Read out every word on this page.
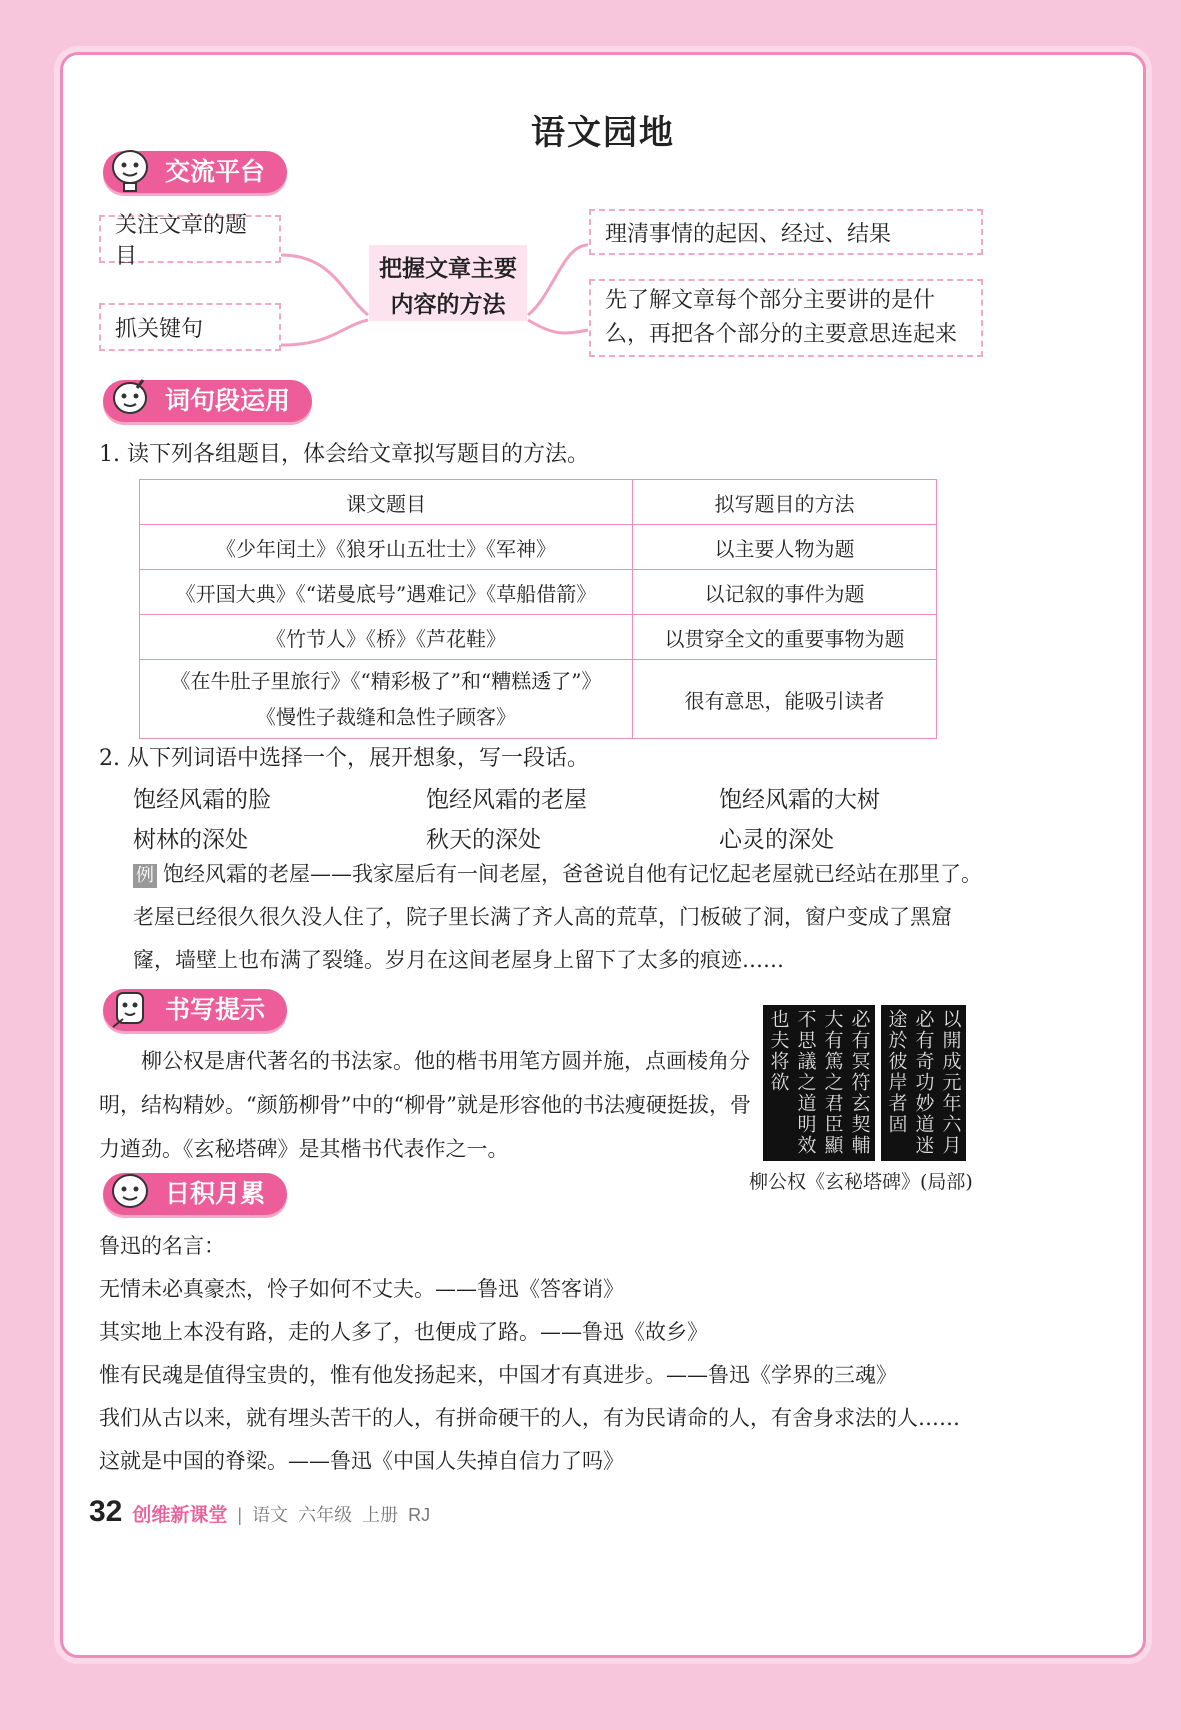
语文园地
交流平台
关注文章的题目
抓关键句
把握文章主要内容的方法
理清事情的起因、经过、结果
先了解文章每个部分主要讲的是什么，再把各个部分的主要意思连起来
词句段运用
1. 读下列各组题目，体会给文章拟写题目的方法。
课文题目	拟写题目的方法
《少年闰土》《狼牙山五壮士》《军神》	以主要人物为题
《开国大典》《“诺曼底号”遇难记》《草船借箭》	以记叙的事件为题
《竹节人》《桥》《芦花鞋》	以贯穿全文的重要事物为题
《在牛肚子里旅行》《“精彩极了”和“糟糕透了”》《慢性子裁缝和急性子顾客》	很有意思，能吸引读者
2. 从下列词语中选择一个，展开想象，写一段话。
饱经风霜的脸	饱经风霜的老屋	饱经风霜的大树
树林的深处	秋天的深处	心灵的深处
例 饱经风霜的老屋——我家屋后有一间老屋，爸爸说自他有记忆起老屋就已经站在那里了。老屋已经很久很久没人住了，院子里长满了齐人高的荒草，门板破了洞，窗户变成了黑窟窿，墙壁上也布满了裂缝。岁月在这间老屋身上留下了太多的痕迹……
书写提示
柳公权是唐代著名的书法家。他的楷书用笔方圆并施，点画棱角分明，结构精妙。“颜筋柳骨”中的“柳骨”就是形容他的书法瘦硬挺拔，骨力遒劲。《玄秘塔碑》是其楷书代表作之一。	必有冥符玄契輔大有篤之君臣顯不思議之道明效也夫将欲	以開成元年六月必有奇功妙道迷途於彼岸者固
柳公权《玄秘塔碑》(局部)
日积月累
鲁迅的名言：
无情未必真豪杰，怜子如何不丈夫。——鲁迅《答客诮》
其实地上本没有路，走的人多了，也便成了路。——鲁迅《故乡》
惟有民魂是值得宝贵的，惟有他发扬起来，中国才有真进步。——鲁迅《学界的三魂》
我们从古以来，就有埋头苦干的人，有拼命硬干的人，有为民请命的人，有舍身求法的人……
这就是中国的脊梁。——鲁迅《中国人失掉自信力了吗》
32 创维新课堂 | 语文 六年级 上册 RJ
